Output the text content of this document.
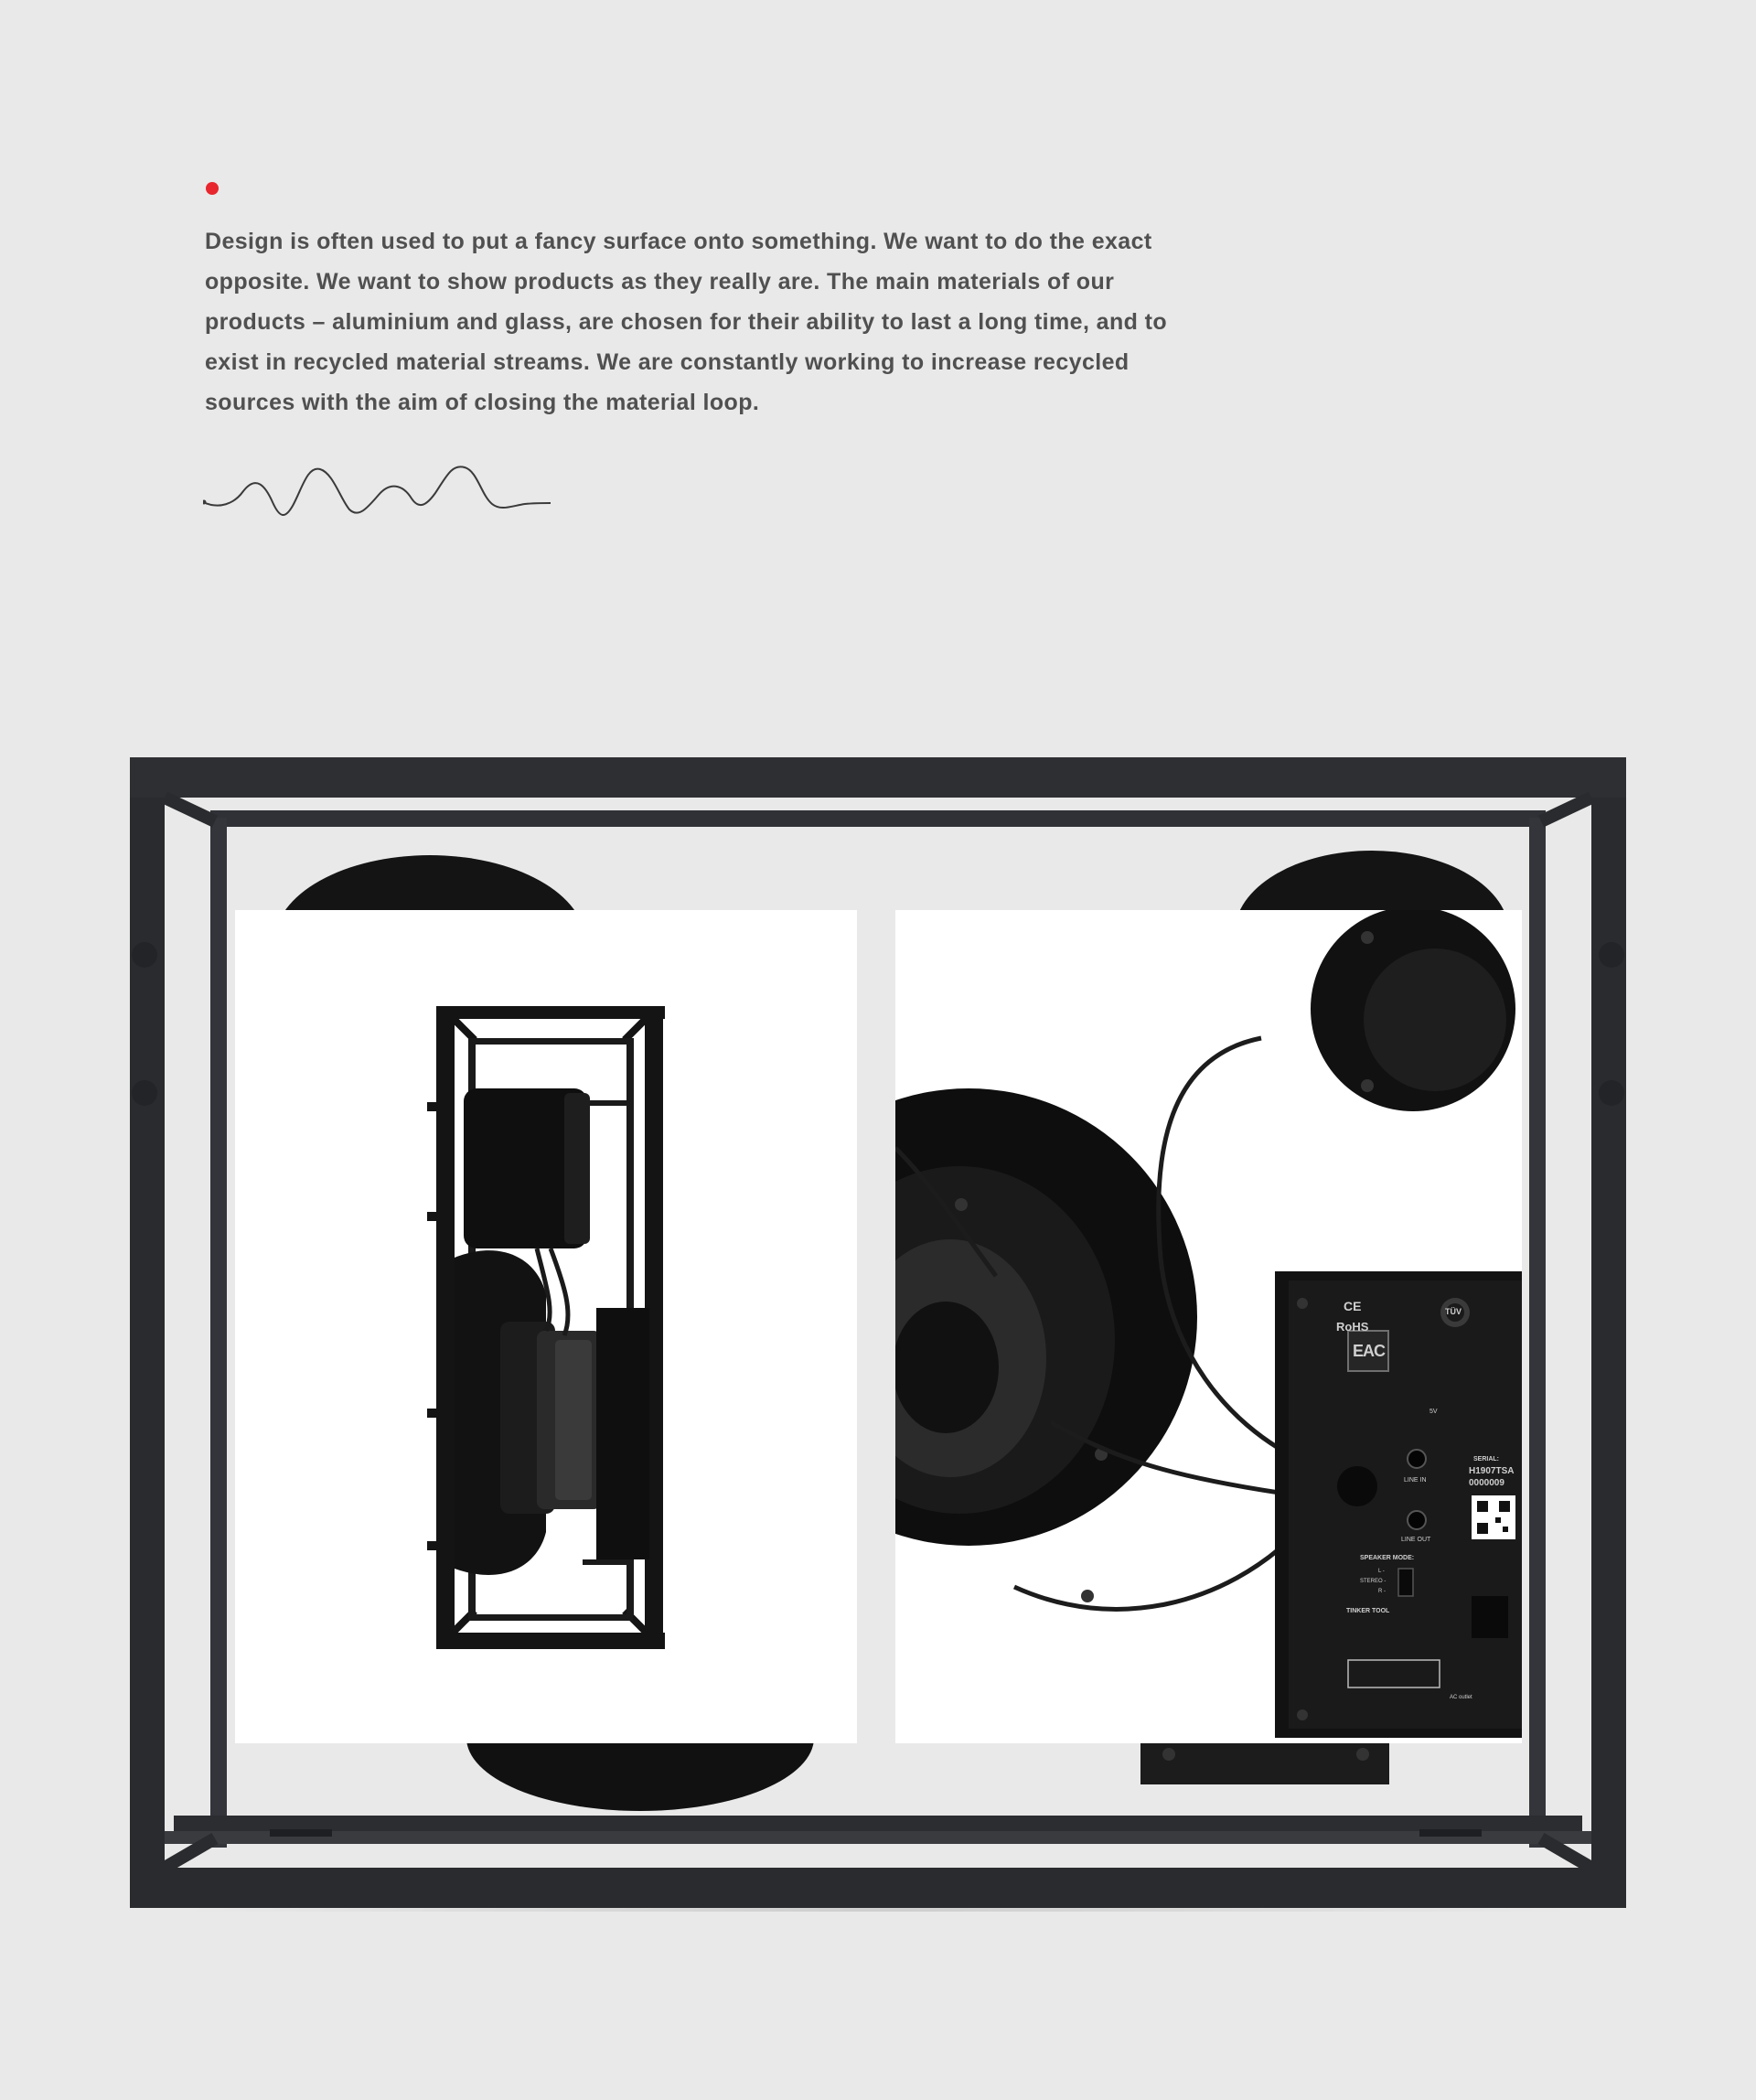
Design is often used to put a fancy surface onto something. We want to do the exact opposite. We want to show products as they really are. The main materials of our products – aluminium and glass, are chosen for their ability to last a long time, and to exist in recycled material streams. We are constantly working to increase recycled sources with the aim of closing the material loop.

CE
RoHS
TÜV
EAC
5V
LINE IN
LINE OUT
SERIAL:
H1907TSA
0000009
SPEAKER MODE:
L -
STEREO -
R -
TINKER TOOL
AC outlet
